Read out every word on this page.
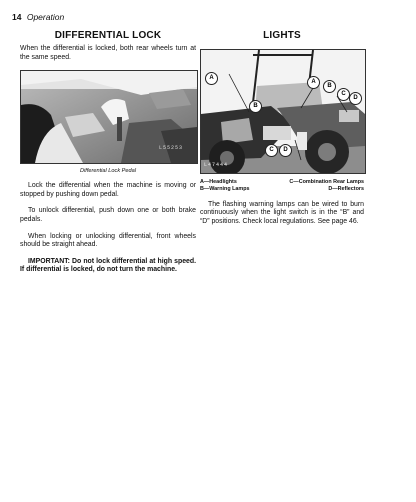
14 Operation
DIFFERENTIAL LOCK

When the differential is locked, both rear wheels turn at the same speed.

L55253
Differential Lock Pedal

Lock the differential when the machine is moving or stopped by pushing down pedal.

To unlock differential, push down one or both brake pedals.

When locking or unlocking differential, front wheels should be straight ahead.

IMPORTANT: Do not lock differential at high speed. If differential is locked, do not turn the machine.

LIGHTS
A
B
C	D
A
B
C
D
L47444
A—Headlights
B—Warning Lamps
C—Combination Rear Lamps
D—Reflectors

The flashing warning lamps can be wired to burn continuously when the light switch is in the “B” and “D” positions. Check local regulations. See page 46.
